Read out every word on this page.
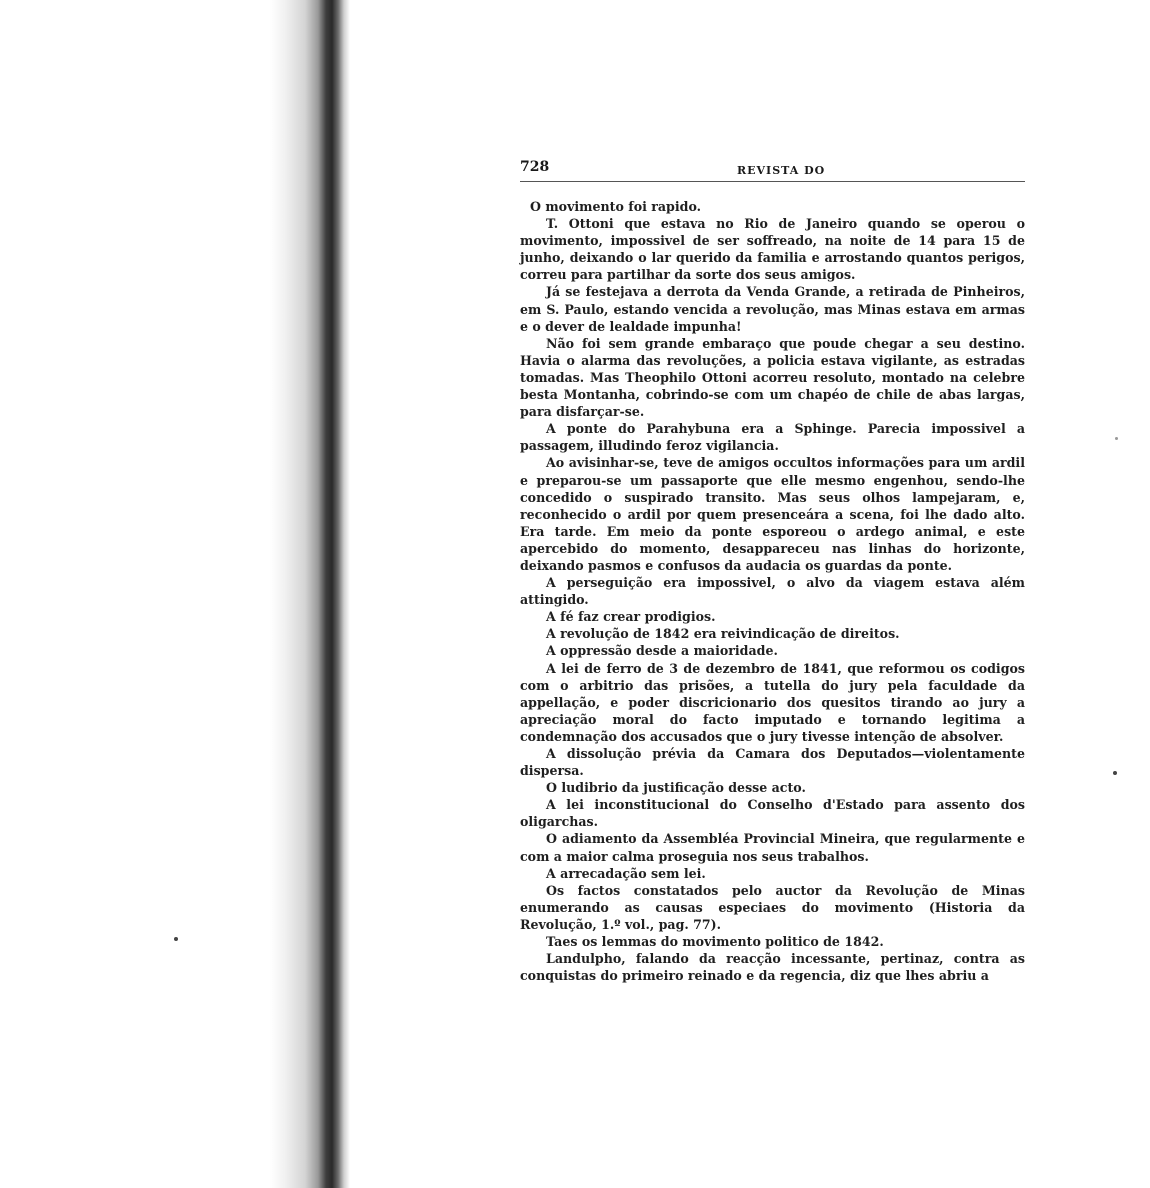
728	REVISTA DO

O movimento foi rapido.

T. Ottoni que estava no Rio de Janeiro quando se operou o movimento, impossivel de ser soffreado, na noite de 14 para 15 de junho, deixando o lar querido da familia e arrostando quantos perigos, correu para partilhar da sorte dos seus amigos.

Já se festejava a derrota da Venda Grande, a retirada de Pinheiros, em S. Paulo, estando vencida a revolução, mas Minas estava em armas e o dever de lealdade impunha!

Não foi sem grande embaraço que poude chegar a seu destino. Havia o alarma das revoluções, a policia estava vigilante, as estradas tomadas. Mas Theophilo Ottoni acorreu resoluto, montado na celebre besta Montanha, cobrindo-se com um chapéo de chile de abas largas, para disfarçar-se.

A ponte do Parahybuna era a Sphinge. Parecia impossivel a passagem, illudindo feroz vigilancia.

Ao avisinhar-se, teve de amigos occultos informações para um ardil e preparou-se um passaporte que elle mesmo engenhou, sendo-lhe concedido o suspirado transito. Mas seus olhos lampejaram, e, reconhecido o ardil por quem presenceára a scena, foi lhe dado alto. Era tarde. Em meio da ponte esporeou o ardego animal, e este apercebido do momento, desappareceu nas linhas do horizonte, deixando pasmos e confusos da audacia os guardas da ponte.

A perseguição era impossivel, o alvo da viagem estava além attingido.

A fé faz crear prodigios.

A revolução de 1842 era reivindicação de direitos.

A oppressão desde a maioridade.

A lei de ferro de 3 de dezembro de 1841, que reformou os codigos com o arbitrio das prisões, a tutella do jury pela faculdade da appellação, e poder discricionario dos quesitos tirando ao jury a apreciação moral do facto imputado e tornando legitima a condemnação dos accusados que o jury tivesse intenção de absolver.

A dissolução prévia da Camara dos Deputados—violentamente dispersa.

O ludibrio da justificação desse acto.

A lei inconstitucional do Conselho d'Estado para assento dos oligarchas.

O adiamento da Assembléa Provincial Mineira, que regularmente e com a maior calma proseguia nos seus trabalhos.

A arrecadação sem lei.

Os factos constatados pelo auctor da Revolução de Minas enumerando as causas especiaes do movimento (Historia da Revolução, 1.º vol., pag. 77).

Taes os lemmas do movimento politico de 1842.

Landulpho, falando da reacção incessante, pertinaz, contra as conquistas do primeiro reinado e da regencia, diz que lhes abriu a
